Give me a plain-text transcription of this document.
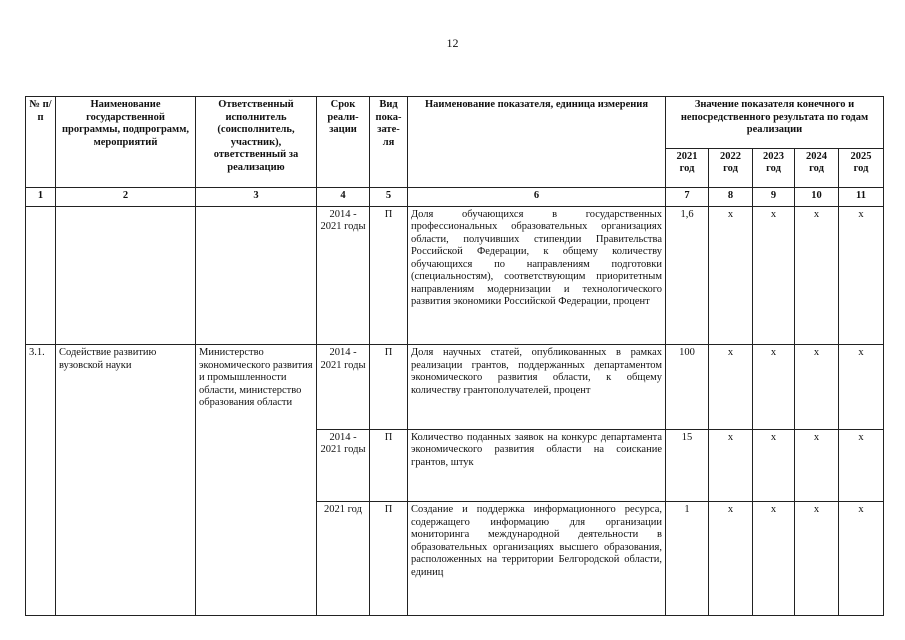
12
№ п/п	Наименование государственной программы, подпрограмм, мероприятий	Ответственный исполнитель (соисполнитель, участник), ответственный за реализацию	Срок реали-зации	Вид пока-зате-ля	Наименование показателя, единица измерения	Значение показателя конечного и непосредственного результата по годам реализации				
						2021 год	2022 год	2023 год	2024 год	2025 год
1	2	3	4	5	6	7	8	9	10	11
			2014 - 2021 годы	П	Доля обучающихся в государственных профессиональных образовательных организациях области, получивших стипендии Правительства Российской Федерации, к общему количеству обучающихся по направлениям подготовки (специальностям), соответствующим приоритетным направлениям модернизации и технологического развития экономики Российской Федерации, процент	1,6	х	х	х	х
3.1.	Содействие развитию вузовской науки	Министерство экономического развития и промышленности области, министерство образования области	2014 - 2021 годы	П	Доля научных статей, опубликованных в рамках реализации грантов, поддержанных департаментом экономического развития области, к общему количеству грантополучателей, процент	100	х	х	х	х
			2014 - 2021 годы	П	Количество поданных заявок на конкурс департамента экономического развития области на соискание грантов, штук	15	х	х	х	х
			2021 год	П	Создание и поддержка информационного ресурса, содержащего информацию для организации мониторинга международной деятельности в образовательных организациях высшего образования, расположенных на территории Белгородской области, единиц	1	х	х	х	х
